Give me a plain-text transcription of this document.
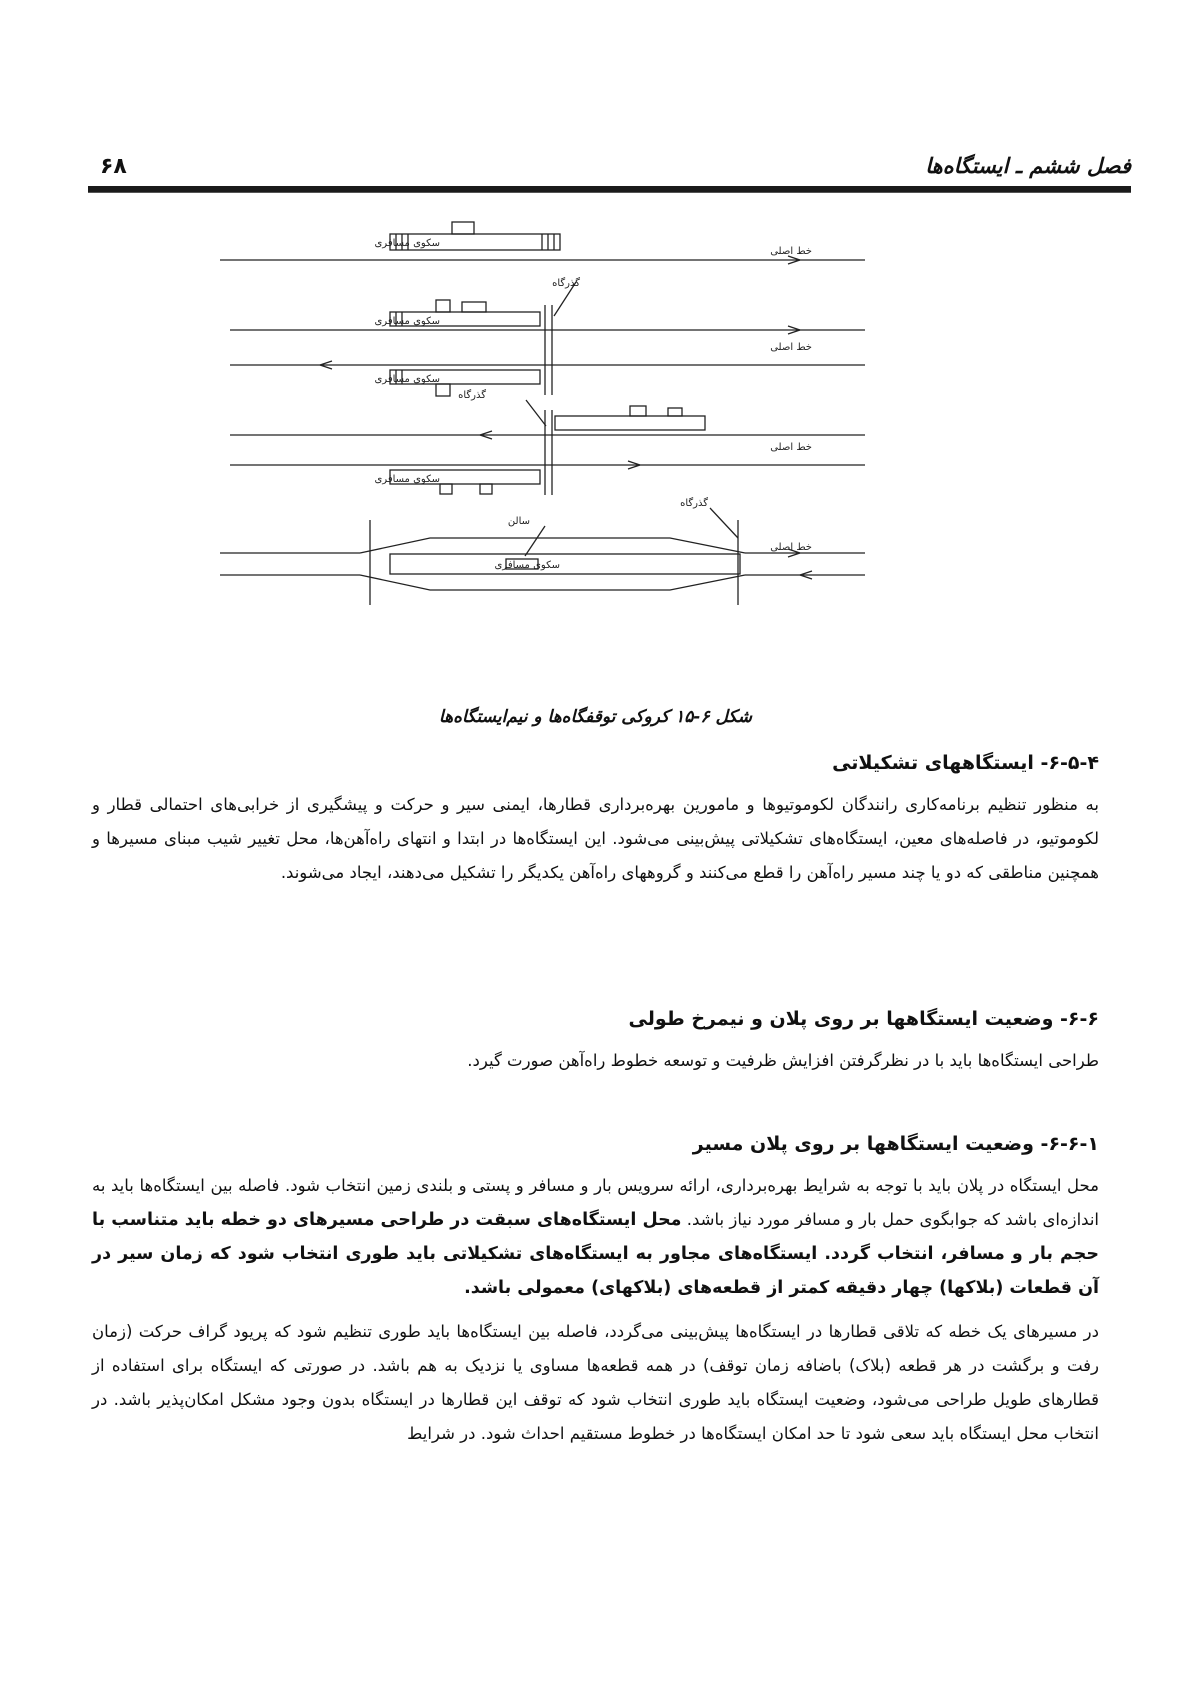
فصل ششم ـ ایستگاه‌ها
۶۸
خط اصلی
سکوی مسافری
گذرگاه
سکوی مسافری
خط اصلی
سکوی مسافری
گذرگاه
خط اصلی
سکوی مسافری
گذرگاه
سالن
سکوی مسافری
خط اصلی
شکل ۶-۱۵ کروکی توقفگاه‌ها و نیم‌ایستگاه‌ها
۶-۵-۴- ایستگاههای تشکیلاتی

به منظور تنظیم برنامه‌کاری رانندگان لکوموتیوها و مامورین بهره‌برداری قطارها، ایمنی سیر و حرکت و پیشگیری از خرابی‌های احتمالی قطار و لکوموتیو، در فاصله‌های معین، ایستگاه‌های تشکیلاتی پیش‌بینی می‌شود. این ایستگاه‌ها در ابتدا و انتهای راه‌آهن‌ها، محل تغییر شیب مبنای مسیرها و همچنین مناطقی که دو یا چند مسیر راه‌آهن را قطع می‌کنند و گروههای راه‌آهن یکدیگر را تشکیل می‌دهند، ایجاد می‌شوند.

۶-۶- وضعیت ایستگاهها بر روی پلان و نیمرخ طولی

طراحی ایستگاه‌ها باید با در نظرگرفتن افزایش ظرفیت و توسعه خطوط راه‌آهن صورت گیرد.

۶-۶-۱- وضعیت ایستگاهها بر روی پلان مسیر

محل ایستگاه در پلان باید با توجه به شرایط بهره‌برداری، ارائه سرویس بار و مسافر و پستی و بلندی زمین انتخاب شود. فاصله بین ایستگاه‌ها باید به اندازه‌ای باشد که جوابگوی حمل بار و مسافر مورد نیاز باشد. محل ایستگاه‌های سبقت در طراحی مسیرهای دو خطه باید متناسب با حجم بار و مسافر، انتخاب گردد. ایستگاه‌های مجاور به ایستگاه‌های تشکیلاتی باید طوری انتخاب شود که زمان سیر در آن قطعات (بلاکها) چهار دقیقه کمتر از قطعه‌های (بلاکهای) معمولی باشد.

در مسیرهای یک خطه که تلاقی قطارها در ایستگاه‌ها پیش‌بینی می‌گردد، فاصله بین ایستگاه‌ها باید طوری تنظیم شود که پریود گراف حرکت (زمان رفت و برگشت در هر قطعه (بلاک) باضافه زمان توقف) در همه قطعه‌ها مساوی یا نزدیک به هم باشد. در صورتی که ایستگاه برای استفاده از قطارهای طویل طراحی می‌شود، وضعیت ایستگاه باید طوری انتخاب شود که توقف این قطارها در ایستگاه بدون وجود مشکل امکان‌پذیر باشد. در انتخاب محل ایستگاه باید سعی شود تا حد امکان ایستگاه‌ها در خطوط مستقیم احداث شود. در شرایط
